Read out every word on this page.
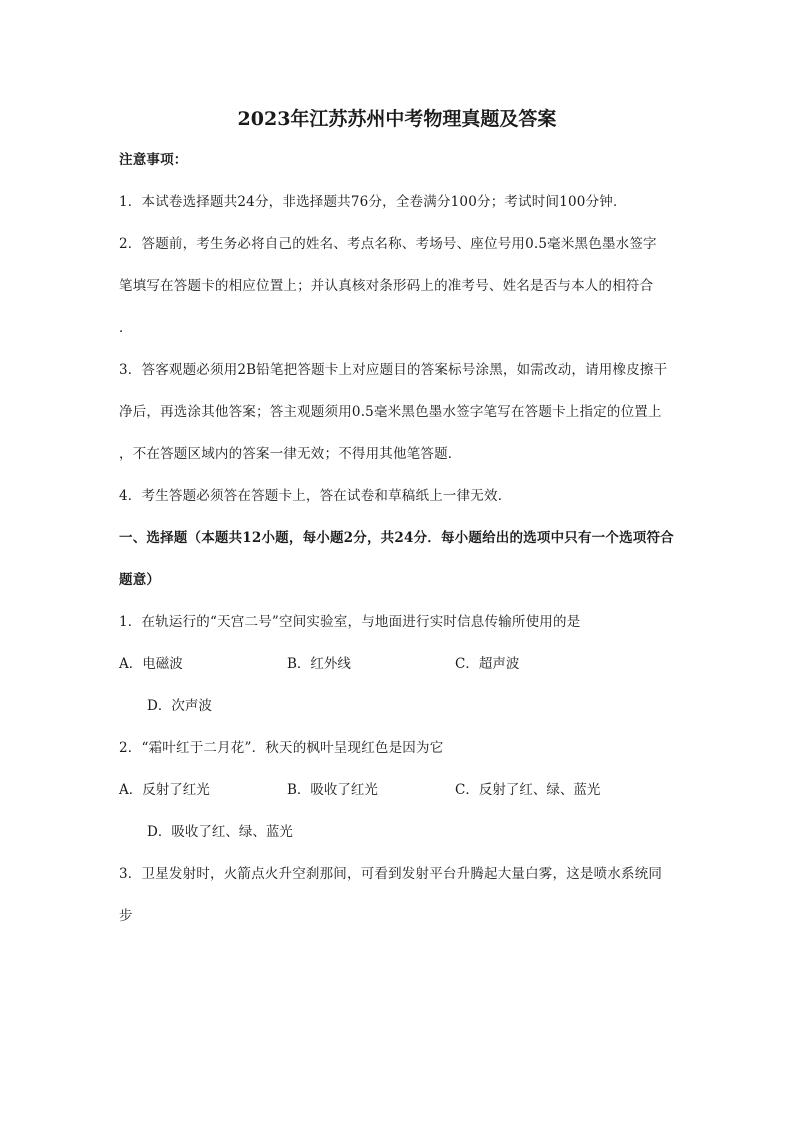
2023年江苏苏州中考物理真题及答案
注意事项：
1．本试卷选择题共24分，非选择题共76分，全卷满分100分；考试时间100分钟．
2．答题前，考生务必将自己的姓名、考点名称、考场号、座位号用0.5毫米黑色墨水签字
笔填写在答题卡的相应位置上；并认真核对条形码上的准考号、姓名是否与本人的相符合
．
3．答客观题必须用2B铅笔把答题卡上对应题目的答案标号涂黑，如需改动，请用橡皮擦干
净后，再选涂其他答案；答主观题须用0.5毫米黑色墨水签字笔写在答题卡上指定的位置上
，不在答题区域内的答案一律无效；不得用其他笔答题．
4．考生答题必须答在答题卡上，答在试卷和草稿纸上一律无效．
一、选择题（本题共12小题，每小题2分，共24分．每小题给出的选项中只有一个选项符合
题意）
1．在轨运行的“天宫二号”空间实验室，与地面进行实时信息传输所使用的是
A．电磁波	B．红外线	C．超声波
D．次声波
2．“霜叶红于二月花”．秋天的枫叶呈现红色是因为它
A．反射了红光	B．吸收了红光	C．反射了红、绿、蓝光
D．吸收了红、绿、蓝光
3．卫星发射时，火箭点火升空刹那间，可看到发射平台升腾起大量白雾，这是喷水系统同
步
